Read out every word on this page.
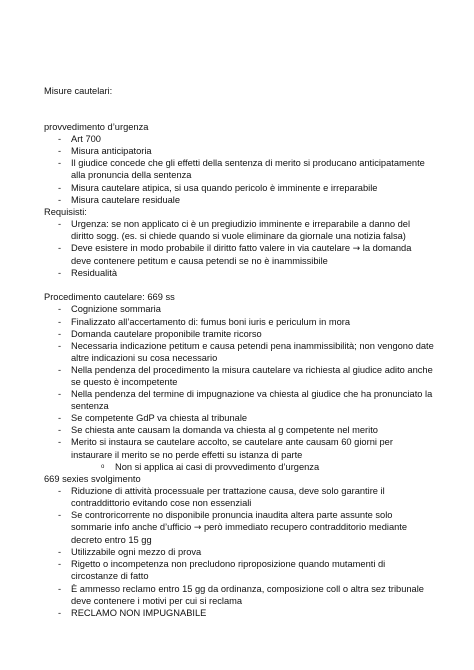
Misure cautelari:
provvedimento d’urgenza
- Art 700
- Misura anticipatoria
- Il giudice concede che gli effetti della sentenza di merito si producano anticipatamente alla pronuncia della sentenza
- Misura cautelare atipica, si usa quando pericolo è imminente e irreparabile
- Misura cautelare residuale
Requisisti:
- Urgenza: se non applicato ci è un pregiudizio imminente e irreparabile a danno del diritto sogg. (es. si chiede quando si vuole eliminare da giornale una notizia falsa)
- Deve esistere in modo probabile il diritto fatto valere in via cautelare → la domanda deve contenere petitum e causa petendi se no è inammissibile
- Residualità
Procedimento cautelare: 669 ss
- Cognizione sommaria
- Finalizzato all’accertamento di: fumus boni iuris e periculum in mora
- Domanda cautelare proponibile tramite ricorso
- Necessaria indicazione petitum e causa petendi pena inammissibilità; non vengono date altre indicazioni su cosa necessario
- Nella pendenza del procedimento la misura cautelare va richiesta al giudice adito anche se questo è incompetente
- Nella pendenza del termine di impugnazione va chiesta al giudice che ha pronunciato la sentenza
- Se competente GdP va chiesta al tribunale
- Se chiesta ante causam la domanda va chiesta al g competente nel merito
- Merito si instaura se cautelare accolto, se cautelare ante causam 60 giorni per instaurare il merito se no perde effetti su istanza di parte
o Non si applica ai casi di provvedimento d’urgenza
669 sexies svolgimento
- Riduzione di attività processuale per trattazione causa, deve solo garantire il contraddittorio evitando cose non essenziali
- Se controricorrente no disponibile pronuncia inaudita altera parte assunte solo sommarie info anche d’ufficio → però immediato recupero contradditorio mediante decreto entro 15 gg
- Utilizzabile ogni mezzo di prova
- Rigetto o incompetenza non precludono riproposizione quando mutamenti di circostanze di fatto
- È ammesso reclamo entro 15 gg da ordinanza, composizione coll o altra sez tribunale deve contenere i motivi per cui si reclama
- RECLAMO NON IMPUGNABILE
